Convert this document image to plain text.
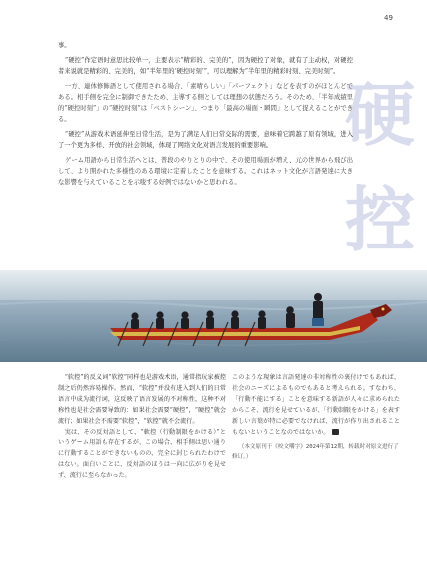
49
硬
控

事。

“硬控”作定语时意思比较单一，主要表示“精彩的、完美的”，因为硬控了对象，就有了主动权，对硬控者来说就是精彩的、完美的，如“半年里的‘硬控时刻’”，可以理解为“半年里的精彩时刻、完美时刻”。

一方、連体修飾語として使用される場合、「素晴らしい」「パーフェクト」などを表すのがほとんどである。相手側を完全に制御できたため、主導する側としては理想の状態だろう。そのため、「半年成績里的“硬控时刻”」の“硬控时刻”は「ベストシーン」、つまり「最高の場面・瞬間」として捉えることができる。

“硬控”从游戏术语延伸至日常生活，是为了满足人们日常交际的需要，意味着它跨越了原有领域，进入了一个更为多样、开放的社会领域，体现了网络文化对语言发展的重要影响。

ゲーム用語から日常生活へとは、普段のやりとりの中で、その使用場面が増え、元の世界から飛び出して、より開かれた多様性のある環境に定着したことを意味する。これはネット文化が言語発達に大きな影響を与えていることを示唆する好例ではないかと思われる。

“软控”的反义词“软控”同样也是游戏术语，通常指玩家被控制之后仍然容易操作。然而，“软控”并没有进入到人们的日常语言中成为流行词，这反映了语言发展的不对称性，这种不对称性也是社会需要导致的：如果社会需要“硬控”，“硬控”就会流行；如果社会不需要“软控”，“软控”就不会流行。

実は、その反対語として、“軟控（行動制限をかける）”というゲーム用語も存在するが、この場合、相手側は思い通りに行動することができないものの、完全に封じられたわけではない。面白いことに、反対語のほうは一向に広がりを見せず、流行に至らなかった。

このような現象は言語発達の非対称性の裏付けでもあれば、社会のニーズによるものでもあると考えられる。すなわち、「行動不能にする」ことを意味する新語が人々に求められたからこそ、流行を見せているが、「行動制限をかける」を表す新しい言葉が特に必要でなければ、流行が作り出されることもないということなのではないか。

（本文原刊于《咬文嚼字》2024年第12期，转载时对原文进行了修订。）
